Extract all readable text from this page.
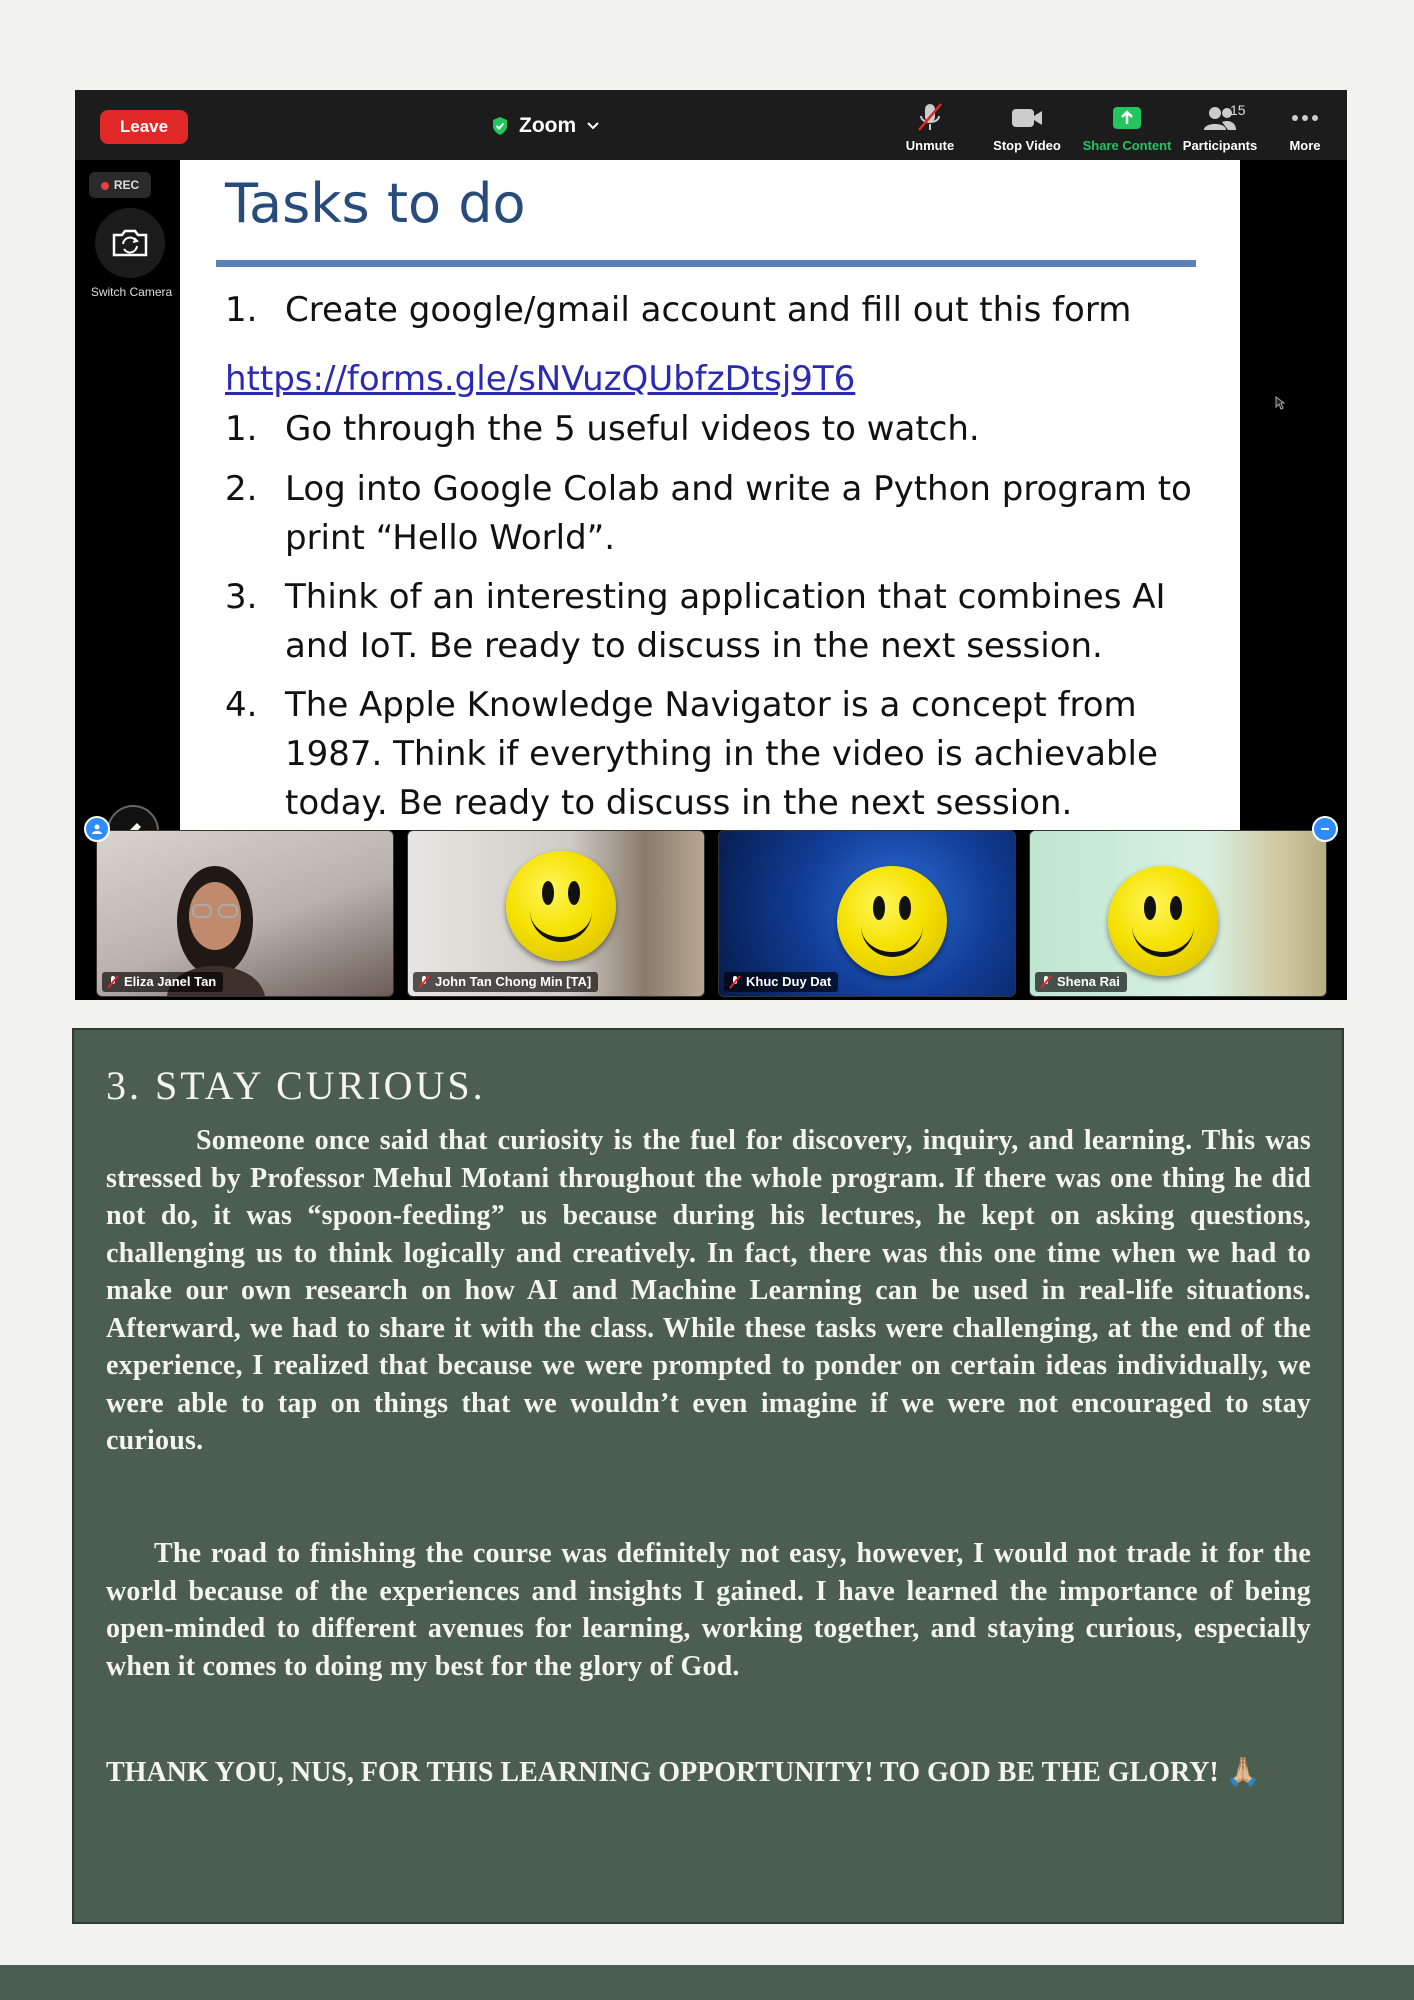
Leave	Zoom
Unmute	Stop Video	Share Content Participants
15
More
REC
Switch Camera
Tasks to do
1. Create google/gmail account and fill out this form
https://forms.gle/sNVuzQUbfzDtsj9T6
1. Go through the 5 useful videos to watch.
2. Log into Google Colab and write a Python program to print “Hello World”.
3. Think of an interesting application that combines AI and IoT. Be ready to discuss in the next session.
4. The Apple Knowledge Navigator is a concept from 1987. Think if everything in the video is achievable today. Be ready to discuss in the next session.
Eliza Janel Tan	John Tan Chong Min [TA]	Khuc Duy Dat	Shena Rai
3. STAY CURIOUS.
Someone once said that curiosity is the fuel for discovery, inquiry, and learning. This was stressed by Professor Mehul Motani throughout the whole program. If there was one thing he did not do, it was “spoon-feeding” us because during his lectures, he kept on asking questions, challenging us to think logically and creatively. In fact, there was this one time when we had to make our own research on how AI and Machine Learning can be used in real-life situations. Afterward, we had to share it with the class. While these tasks were challenging, at the end of the experience, I realized that because we were prompted to ponder on certain ideas individually, we were able to tap on things that we wouldn’t even imagine if we were not encouraged to stay curious.
The road to finishing the course was definitely not easy, however, I would not trade it for the world because of the experiences and insights I gained. I have learned the importance of being open-minded to different avenues for learning, working together, and staying curious, especially when it comes to doing my best for the glory of God.
THANK YOU, NUS, FOR THIS LEARNING OPPORTUNITY! TO GOD BE THE GLORY! 🙏🏼
